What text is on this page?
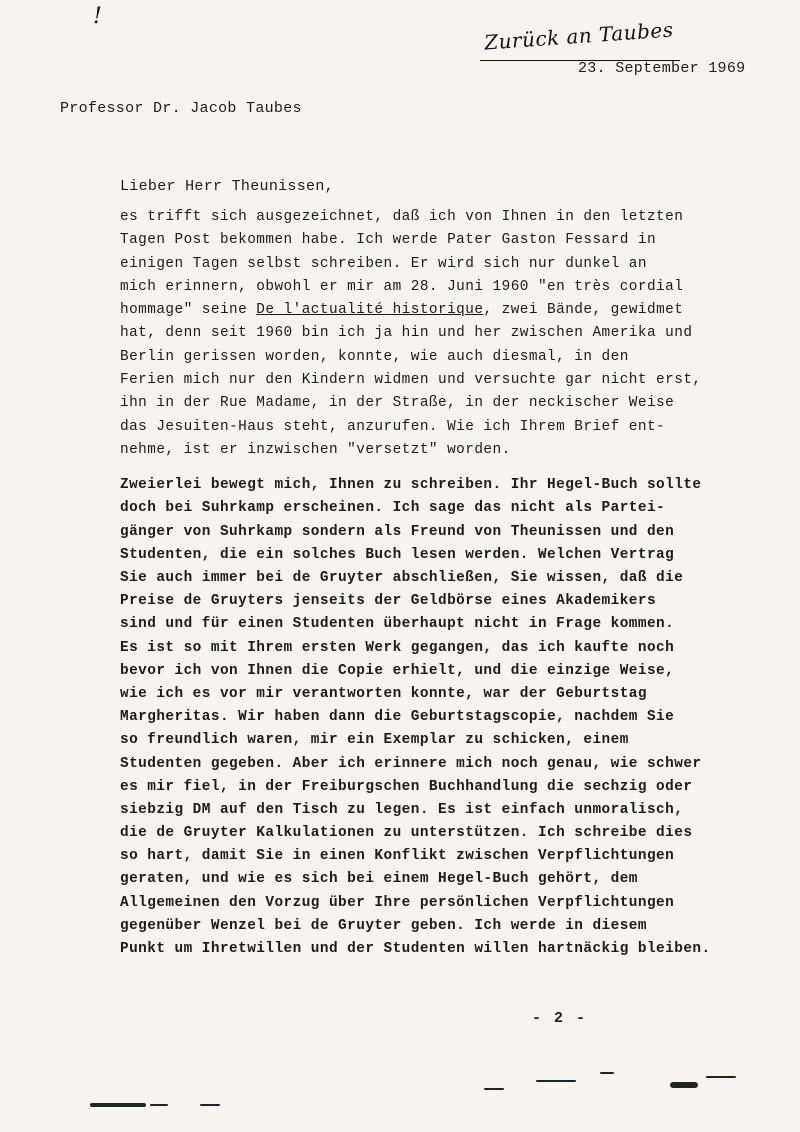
!
Zurück an Taubes
23. September 1969
Professor Dr. Jacob Taubes
Lieber Herr Theunissen,
es trifft sich ausgezeichnet, daß ich von Ihnen in den letzten
Tagen Post bekommen habe. Ich werde Pater Gaston Fessard in
einigen Tagen selbst schreiben. Er wird sich nur dunkel an
mich erinnern, obwohl er mir am 28. Juni 1960 "en très cordial
hommage" seine De l'actualité historique, zwei Bände, gewidmet
hat, denn seit 1960 bin ich ja hin und her zwischen Amerika und
Berlin gerissen worden, konnte, wie auch diesmal, in den
Ferien mich nur den Kindern widmen und versuchte gar nicht erst,
ihn in der Rue Madame, in der Straße, in der neckischer Weise
das Jesuiten-Haus steht, anzurufen. Wie ich Ihrem Brief ent-
nehme, ist er inzwischen "versetzt" worden.
Zweierlei bewegt mich, Ihnen zu schreiben. Ihr Hegel-Buch sollte
doch bei Suhrkamp erscheinen. Ich sage das nicht als Partei-
gänger von Suhrkamp sondern als Freund von Theunissen und den
Studenten, die ein solches Buch lesen werden. Welchen Vertrag
Sie auch immer bei de Gruyter abschließen, Sie wissen, daß die
Preise de Gruyters jenseits der Geldbörse eines Akademikers
sind und für einen Studenten überhaupt nicht in Frage kommen.
Es ist so mit Ihrem ersten Werk gegangen, das ich kaufte noch
bevor ich von Ihnen die Copie erhielt, und die einzige Weise,
wie ich es vor mir verantworten konnte, war der Geburtstag
Margheritas. Wir haben dann die Geburtstagscopie, nachdem Sie
so freundlich waren, mir ein Exemplar zu schicken, einem
Studenten gegeben. Aber ich erinnere mich noch genau, wie schwer
es mir fiel, in der Freiburgschen Buchhandlung die sechzig oder
siebzig DM auf den Tisch zu legen. Es ist einfach unmoralisch,
die de Gruyter Kalkulationen zu unterstützen. Ich schreibe dies
so hart, damit Sie in einen Konflikt zwischen Verpflichtungen
geraten, und wie es sich bei einem Hegel-Buch gehört, dem
Allgemeinen den Vorzug über Ihre persönlichen Verpflichtungen
gegenüber Wenzel bei de Gruyter geben. Ich werde in diesem
Punkt um Ihretwillen und der Studenten willen hartnäckig bleiben.
- 2 -
